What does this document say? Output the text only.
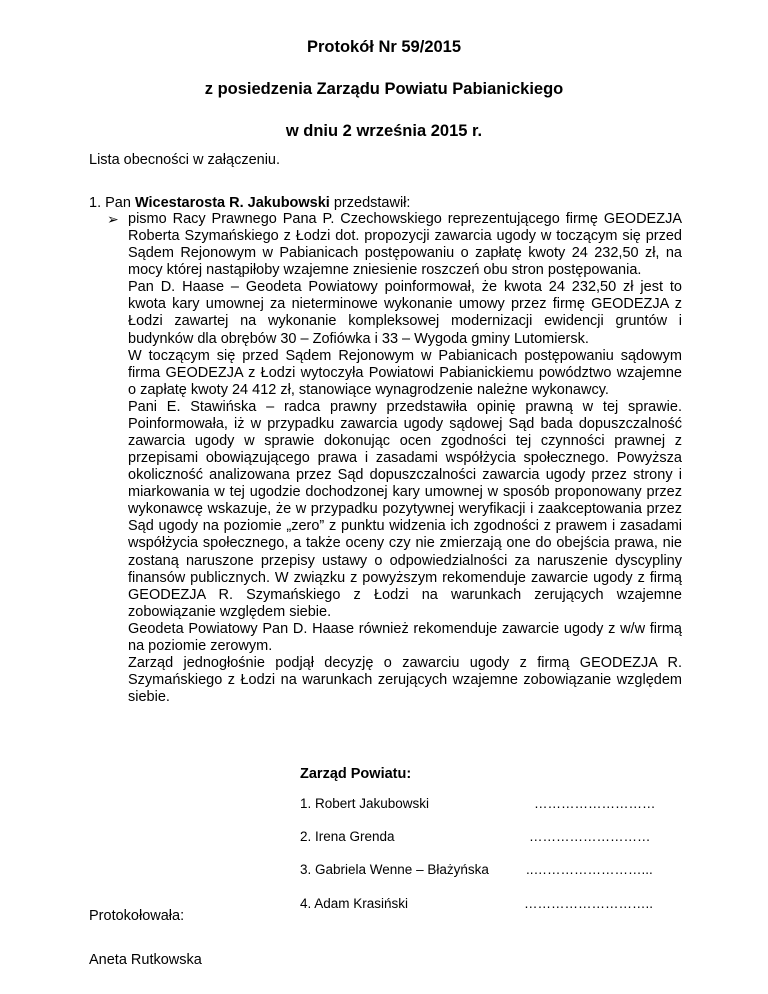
Protokół Nr 59/2015
z posiedzenia Zarządu Powiatu Pabianickiego
w dniu 2 września 2015 r.
Lista obecności w załączeniu.
1. Pan Wicestarosta R. Jakubowski przedstawił:
➢ pismo Racy Prawnego Pana P. Czechowskiego reprezentującego firmę GEODEZJA Roberta Szymańskiego z Łodzi dot. propozycji zawarcia ugody w toczącym się przed Sądem Rejonowym w Pabianicach postępowaniu o zapłatę kwoty 24 232,50 zł, na mocy której nastąpiłoby wzajemne zniesienie roszczeń obu stron postępowania.

Pan D. Haase – Geodeta Powiatowy poinformował, że kwota 24 232,50 zł jest to kwota kary umownej za nieterminowe wykonanie umowy przez firmę GEODEZJA z Łodzi zawartej na wykonanie kompleksowej modernizacji ewidencji gruntów i budynków dla obrębów 30 – Zofiówka i 33 – Wygoda gminy Lutomiersk.

W toczącym się przed Sądem Rejonowym w Pabianicach postępowaniu sądowym firma GEODEZJA z Łodzi wytoczyła Powiatowi Pabianickiemu powództwo wzajemne o zapłatę kwoty 24 412 zł, stanowiące wynagrodzenie należne wykonawcy.

Pani E. Stawińska – radca prawny przedstawiła opinię prawną w tej sprawie. Poinformowała, iż w przypadku zawarcia ugody sądowej Sąd bada dopuszczalność zawarcia ugody w sprawie dokonując ocen zgodności tej czynności prawnej z przepisami obowiązującego prawa i zasadami współżycia społecznego. Powyższa okoliczność analizowana przez Sąd dopuszczalności zawarcia ugody przez strony i miarkowania w tej ugodzie dochodzonej kary umownej w sposób proponowany przez wykonawcę wskazuje, że w przypadku pozytywnej weryfikacji i zaakceptowania przez Sąd ugody na poziomie „zero” z punktu widzenia ich zgodności z prawem i zasadami współżycia społecznego, a także oceny czy nie zmierzają one do obejścia prawa, nie zostaną naruszone przepisy ustawy o odpowiedzialności za naruszenie dyscypliny finansów publicznych. W związku z powyższym rekomenduje zawarcie ugody z firmą GEODEZJA R. Szymańskiego z Łodzi na warunkach zerujących wzajemne zobowiązanie względem siebie.

Geodeta Powiatowy Pan D. Haase również rekomenduje zawarcie ugody z w/w firmą na poziomie zerowym.

Zarząd jednogłośnie podjął decyzję o zawarciu ugody z firmą GEODEZJA R. Szymańskiego z Łodzi na warunkach zerujących wzajemne zobowiązanie względem siebie.

Zarząd Powiatu:
1. Robert Jakubowski	………………………
2. Irena Grenda	………………………
3. Gabriela Wenne – Błażyńska	..……………………...
4. Adam Krasiński	………………………..
Protokołowała:
Aneta Rutkowska
